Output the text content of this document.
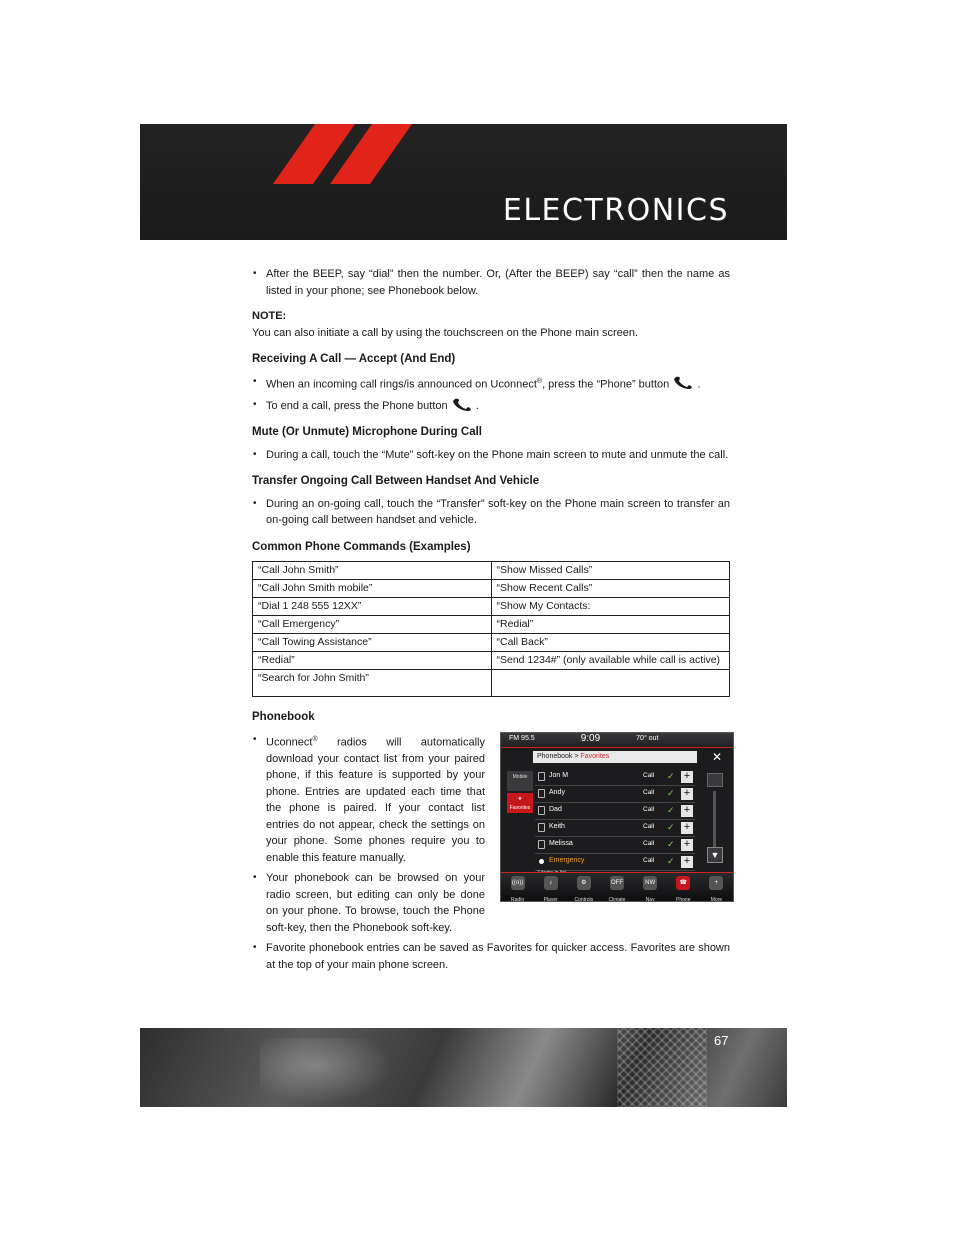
ELECTRONICS
• After the BEEP, say “dial” then the number. Or, (After the BEEP) say “call” then the name as listed in your phone; see Phonebook below.
NOTE:
You can also initiate a call by using the touchscreen on the Phone main screen.
Receiving A Call — Accept (And End)
• When an incoming call rings/is announced on Uconnect®, press the “Phone” button	.
• To end a call, press the Phone button	.
Mute (Or Unmute) Microphone During Call
• During a call, touch the “Mute” soft-key on the Phone main screen to mute and unmute the call.
Transfer Ongoing Call Between Handset And Vehicle
• During an on-going call, touch the “Transfer” soft-key on the Phone main screen to transfer an on-going call between handset and vehicle.
Common Phone Commands (Examples)
“Call John Smith”	“Show Missed Calls”
“Call John Smith mobile”	“Show Recent Calls”
“Dial 1 248 555 12XX”	“Show My Contacts:
“Call Emergency”	“Redial”
“Call Towing Assistance”	“Call Back”
“Redial”	“Send 1234#” (only available while call is active)
“Search for John Smith”	
Phonebook
• Uconnect® radios will automatically download your contact list from your paired phone, if this feature is supported by your phone. Entries are updated each time that the phone is paired. If your contact list entries do not appear, check the settings on your phone. Some phones require you to enable this feature manually.
• Your phonebook can be browsed on your radio screen, but editing can only be done on your phone. To browse, touch the Phone soft-key, then the Phonebook soft-key.
FM 95.5	9:09	70° out
Phonebook > Favorites	✕
Mobile
★
Favorites
Jon M	Call	✓ +
Andy	Call	✓ +
Dad	Call	✓ +
Keith	Call	✓ +
Melissa	Call	✓ +
Emergency	Call	✓ +	▼
((o))
Radio
♪
Player
⚙
Controls
OFF
Climate
NW
Nav
☎
Phone
+
More
• Favorite phonebook entries can be saved as Favorites for quicker access. Favorites are shown at the top of your main phone screen.
67
